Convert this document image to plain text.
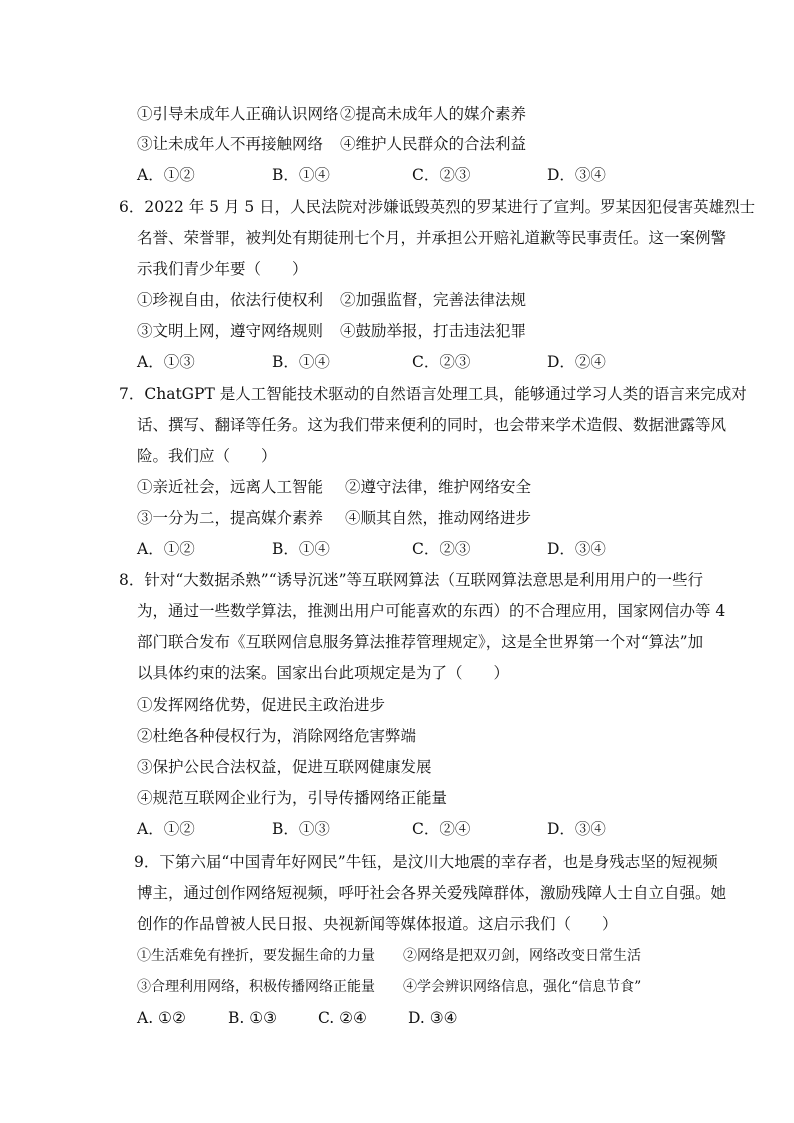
①引导未成年人正确认识网络 ②提高未成年人的媒介素养
③让未成年人不再接触网络 ④维护人民群众的合法利益
A．①②	B．①④	C．②③	D．③④
6．2022 年 5 月 5 日，人民法院对涉嫌诋毁英烈的罗某进行了宣判。罗某因犯侵害英雄烈士
名誉、荣誉罪，被判处有期徒刑七个月，并承担公开赔礼道歉等民事责任。这一案例警
示我们青少年要（　　）
①珍视自由，依法行使权利 ②加强监督，完善法律法规
③文明上网，遵守网络规则 ④鼓励举报，打击违法犯罪
A．①③	B．①④	C．②③	D．②④
7．ChatGPT 是人工智能技术驱动的自然语言处理工具，能够通过学习人类的语言来完成对
话、撰写、翻译等任务。这为我们带来便利的同时，也会带来学术造假、数据泄露等风
险。我们应（　　）
①亲近社会，远离人工智能 ②遵守法律，维护网络安全
③一分为二，提高媒介素养 ④顺其自然，推动网络进步
A．①②	B．①④	C．②③	D．③④
8．针对“大数据杀熟”“诱导沉迷”等互联网算法（互联网算法意思是利用用户的一些行
为，通过一些数学算法，推测出用户可能喜欢的东西）的不合理应用，国家网信办等 4
部门联合发布《互联网信息服务算法推荐管理规定》，这是全世界第一个对“算法”加
以具体约束的法案。国家出台此项规定是为了（　　）
①发挥网络优势，促进民主政治进步
②杜绝各种侵权行为，消除网络危害弊端
③保护公民合法权益，促进互联网健康发展
④规范互联网企业行为，引导传播网络正能量
A．①②	B．①③	C．②④	D．③④
9．下第六届“中国青年好网民”牛钰，是汶川大地震的幸存者，也是身残志坚的短视频
博主，通过创作网络短视频，呼吁社会各界关爱残障群体，激励残障人士自立自强。她
创作的作品曾被人民日报、央视新闻等媒体报道。这启示我们（　　）
①生活难免有挫折，要发掘生命的力量 ②网络是把双刃剑，网络改变日常生活
③合理利用网络，积极传播网络正能量 ④学会辨识网络信息，强化“信息节食”
A. ①②	B. ①③	C. ②④	D. ③④
